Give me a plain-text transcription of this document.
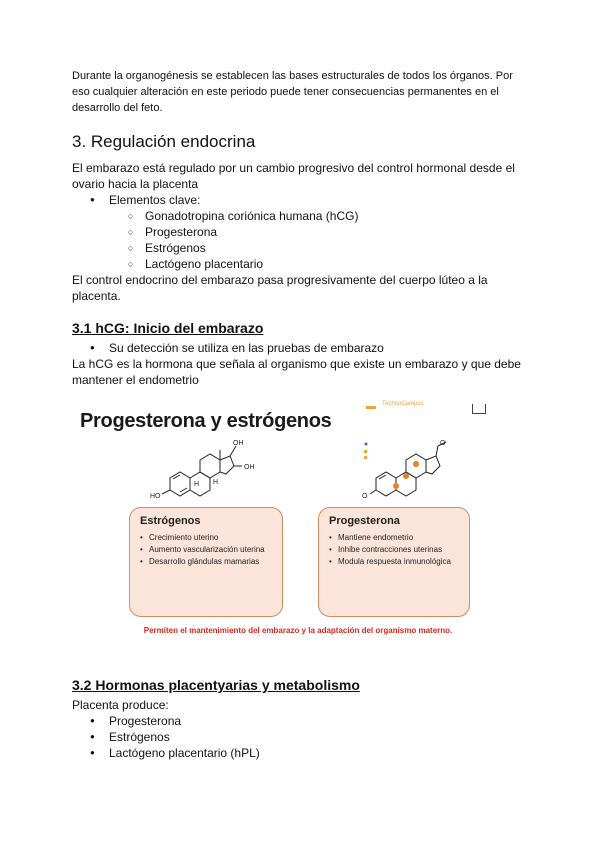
Durante la organogénesis se establecen las bases estructurales de todos los órganos. Por eso cualquier alteración en este periodo puede tener consecuencias permanentes en el desarrollo del feto.

3. Regulación endocrina

El embarazo está regulado por un cambio progresivo del control hormonal desde el ovario hacia la placenta

● Elementos clave:
○ Gonadotropina coriónica humana (hCG)
○ Progesterona
○ Estrógenos
○ Lactógeno placentario

El control endocrino del embarazo pasa progresivamente del cuerpo lúteo a la placenta.

3.1 hCG: Inicio del embarazo
● Su detección se utiliza en las pruebas de embarazo

La hCG es la hormona que señala al organismo que existe un embarazo y que debe mantener el endometrio

Progesterona y estrógenos
TechnoCampus
HO
OH
OH
H H
O
O
Estrógenos
• Crecimiento uterino
• Aumento vascularización uterina
• Desarrollo glándulas mamarias
Progesterona
• Mantiene endometrio
• Inhibe contracciones uterinas
• Modula respuesta inmunológica
Permiten el mantenimiento del embarazo y la adaptación del organismo materno.
3.2 Hormonas placentyarias y metabolismo

Placenta produce:

● Progesterona
● Estrógenos
● Lactógeno placentario (hPL)
